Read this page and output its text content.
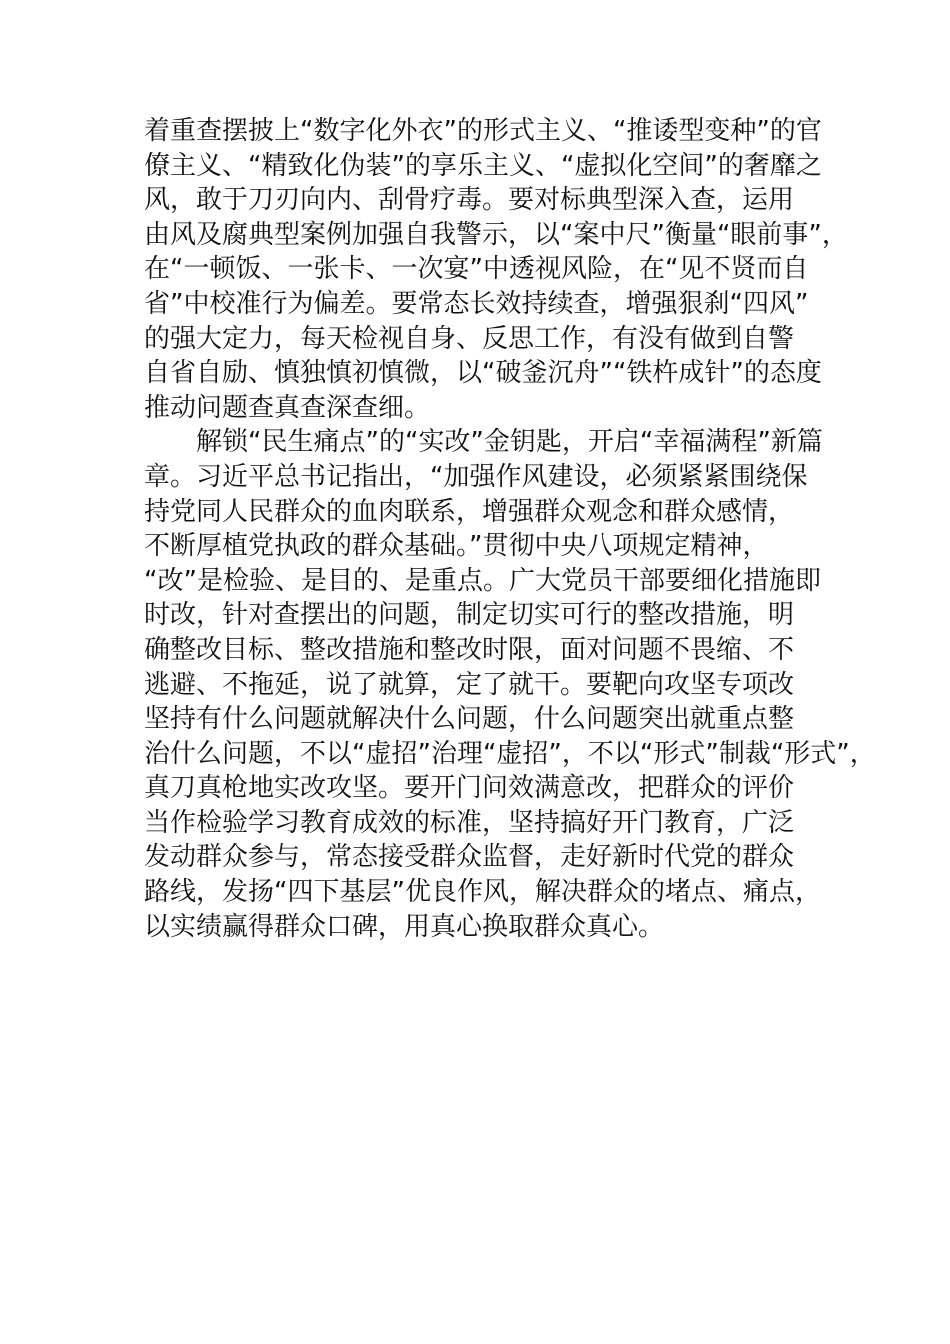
着重查摆披上“数字化外衣”的形式主义、“推诿型变种”的官
僚主义、“精致化伪装”的享乐主义、“虚拟化空间”的奢靡之
风，敢于刀刃向内、刮骨疗毒。要对标典型深入查，运用
由风及腐典型案例加强自我警示，以“案中尺”衡量“眼前事”，
在“一顿饭、一张卡、一次宴”中透视风险，在“见不贤而自
省”中校准行为偏差。要常态长效持续查，增强狠刹“四风”
的强大定力，每天检视自身、反思工作，有没有做到自警
自省自励、慎独慎初慎微，以“破釜沉舟”“铁杵成针”的态度
推动问题查真查深查细。
解锁“民生痛点”的“实改”金钥匙，开启“幸福满程”新篇
章。习近平总书记指出，“加强作风建设，必须紧紧围绕保
持党同人民群众的血肉联系，增强群众观念和群众感情，
不断厚植党执政的群众基础。”贯彻中央八项规定精神，
“改”是检验、是目的、是重点。广大党员干部要细化措施即
时改，针对查摆出的问题，制定切实可行的整改措施，明
确整改目标、整改措施和整改时限，面对问题不畏缩、不
逃避、不拖延，说了就算，定了就干。要靶向攻坚专项改
坚持有什么问题就解决什么问题，什么问题突出就重点整
治什么问题，不以“虚招”治理“虚招”，不以“形式”制裁“形式”，
真刀真枪地实改攻坚。要开门问效满意改，把群众的评价
当作检验学习教育成效的标准，坚持搞好开门教育，广泛
发动群众参与，常态接受群众监督，走好新时代党的群众
路线，发扬“四下基层”优良作风，解决群众的堵点、痛点，
以实绩赢得群众口碑，用真心换取群众真心。
